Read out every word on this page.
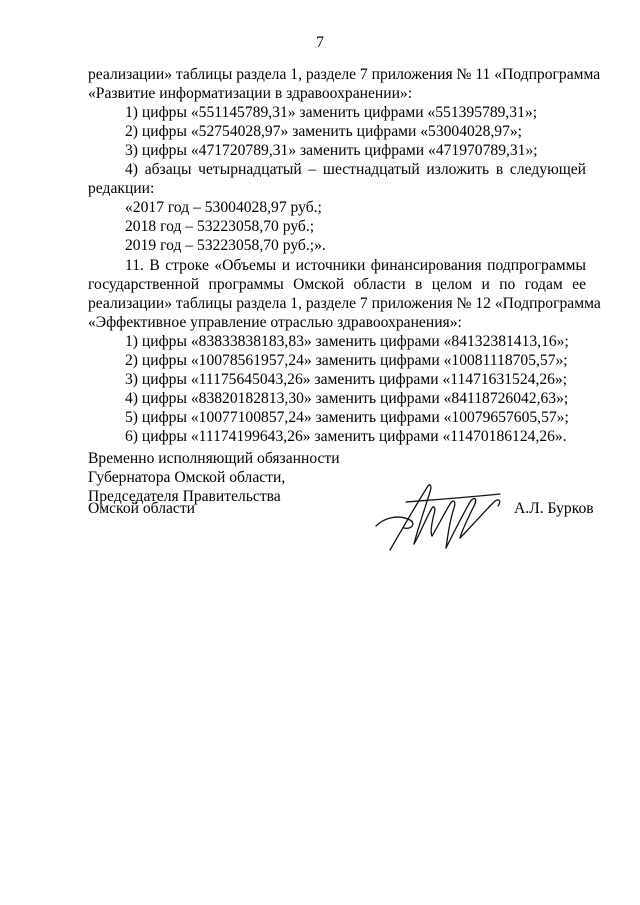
7
реализации» таблицы раздела 1, разделе 7 приложения № 11 «Подпрограмма
«Развитие информатизации в здравоохранении»:
1) цифры «551145789,31» заменить цифрами «551395789,31»;
2) цифры «52754028,97» заменить цифрами «53004028,97»;
3) цифры «471720789,31» заменить цифрами «471970789,31»;
4) абзацы четырнадцатый – шестнадцатый изложить в следующей
редакции:
«2017 год – 53004028,97 руб.;
2018 год – 53223058,70 руб.;
2019 год – 53223058,70 руб.;».
11. В строке «Объемы и источники финансирования подпрограммы
государственной программы Омской области в целом и по годам ее
реализации» таблицы раздела 1, разделе 7 приложения № 12 «Подпрограмма
«Эффективное управление отраслью здравоохранения»:
1) цифры «83833838183,83» заменить цифрами «84132381413,16»;
2) цифры «10078561957,24» заменить цифрами «10081118705,57»;
3) цифры «11175645043,26» заменить цифрами «11471631524,26»;
4) цифры «83820182813,30» заменить цифрами «84118726042,63»;
5) цифры «10077100857,24» заменить цифрами «10079657605,57»;
6) цифры «11174199643,26» заменить цифрами «11470186124,26».
Временно исполняющий обязанности
Губернатора Омской области,
Председателя Правительства
Омской области	А.Л. Бурков
